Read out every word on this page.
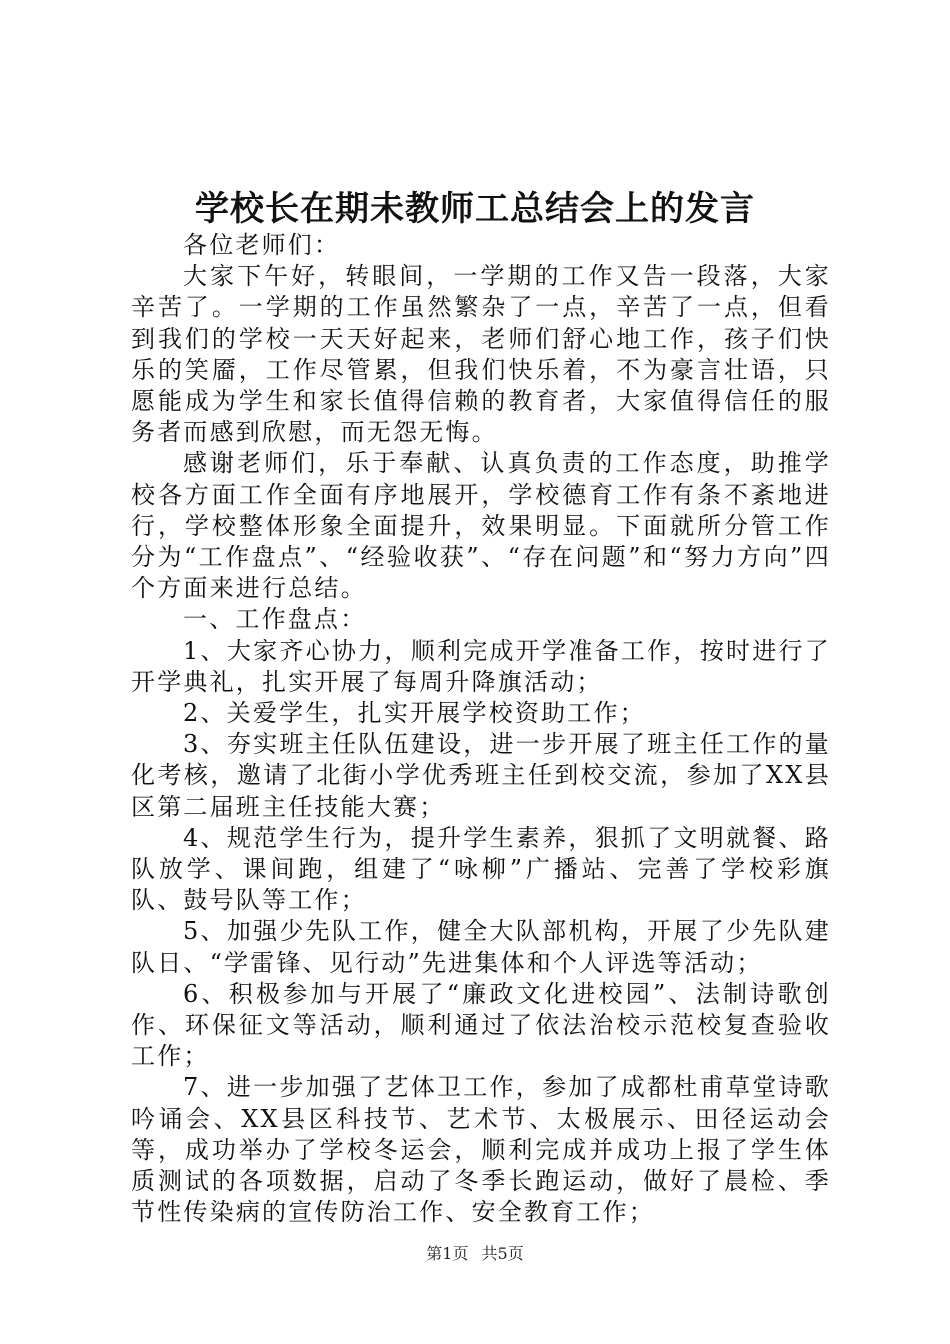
学校长在期未教师工总结会上的发言

各位老师们：

大家下午好，转眼间，一学期的工作又告一段落，大家辛苦了。一学期的工作虽然繁杂了一点，辛苦了一点，但看到我们的学校一天天好起来，老师们舒心地工作，孩子们快乐的笑靥，工作尽管累，但我们快乐着，不为豪言壮语，只愿能成为学生和家长值得信赖的教育者，大家值得信任的服务者而感到欣慰，而无怨无悔。

感谢老师们，乐于奉献、认真负责的工作态度，助推学校各方面工作全面有序地展开，学校德育工作有条不紊地进行，学校整体形象全面提升，效果明显。下面就所分管工作分为“工作盘点”、“经验收获”、“存在问题”和“努力方向”四个方面来进行总结。

一、工作盘点：

1、大家齐心协力，顺利完成开学准备工作，按时进行了开学典礼，扎实开展了每周升降旗活动；

2、关爱学生，扎实开展学校资助工作；

3、夯实班主任队伍建设，进一步开展了班主任工作的量化考核，邀请了北街小学优秀班主任到校交流，参加了XX县区第二届班主任技能大赛；

4、规范学生行为，提升学生素养，狠抓了文明就餐、路队放学、课间跑，组建了“咏柳”广播站、完善了学校彩旗队、鼓号队等工作；

5、加强少先队工作，健全大队部机构，开展了少先队建队日、“学雷锋、见行动”先进集体和个人评选等活动；

6、积极参加与开展了“廉政文化进校园”、法制诗歌创作、环保征文等活动，顺利通过了依法治校示范校复查验收工作；

7、进一步加强了艺体卫工作，参加了成都杜甫草堂诗歌吟诵会、XX县区科技节、艺术节、太极展示、田径运动会等，成功举办了学校冬运会，顺利完成并成功上报了学生体质测试的各项数据，启动了冬季长跑运动，做好了晨检、季节性传染病的宣传防治工作、安全教育工作；

第1页 共5页
